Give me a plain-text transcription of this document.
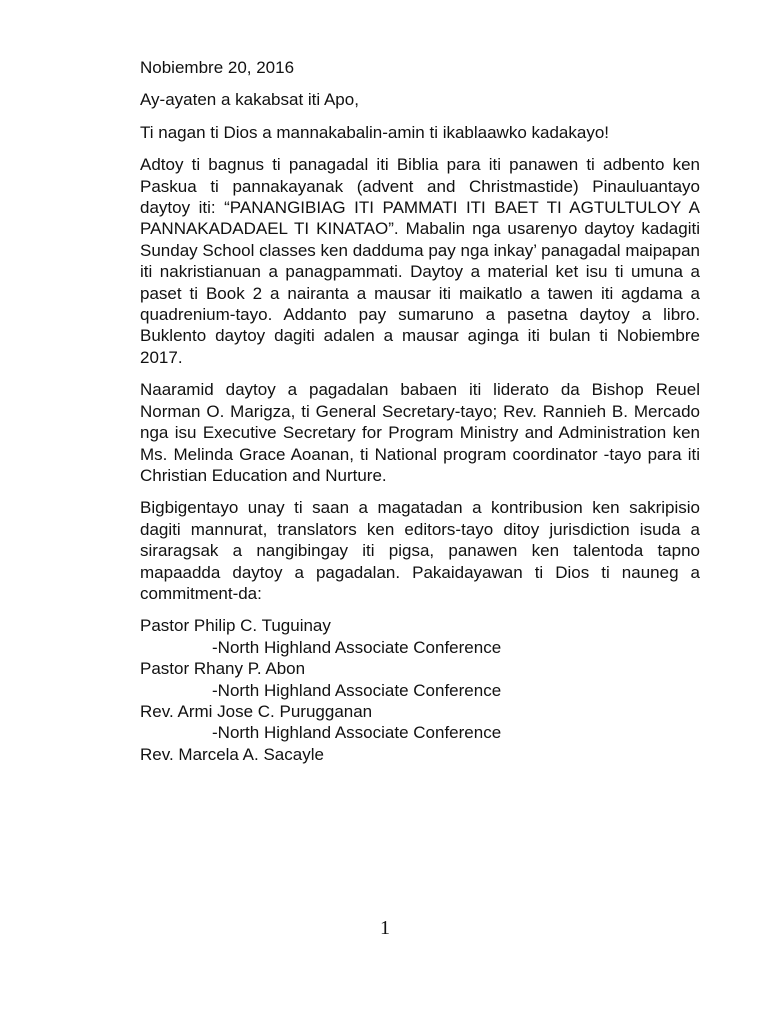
Nobiembre 20, 2016
Ay-ayaten a kakabsat iti Apo,

Ti nagan ti Dios a mannakabalin-amin ti ikablaawko kadakayo!

Adtoy ti bagnus ti panagadal iti Biblia para iti panawen ti adbento ken Paskua ti pannakayanak (advent and Christmastide) Pinauluantayo daytoy iti: “PANANGIBIAG ITI PAMMATI ITI BAET TI AGTULTULOY A PANNAKADADAEL TI KINATAO”. Mabalin nga usarenyo daytoy kadagiti Sunday School classes ken dadduma pay nga inkay’ panagadal maipapan iti nakristianuan a panagpammati. Daytoy a material ket isu ti umuna a paset ti Book 2 a nairanta a mausar iti maikatlo a tawen iti agdama a quadrenium-tayo. Addanto pay sumaruno a pasetna daytoy a libro. Buklento daytoy dagiti adalen a mausar aginga iti bulan ti Nobiembre 2017.

Naaramid daytoy a pagadalan babaen iti liderato da Bishop Reuel Norman O. Marigza, ti General Secretary-tayo; Rev. Rannieh B. Mercado nga isu Executive Secretary for Program Ministry and Administration ken Ms. Melinda Grace Aoanan, ti National program coordinator -tayo para iti Christian Education and Nurture.

Bigbigentayo unay ti saan a magatadan a kontribusion ken sakripisio dagiti mannurat, translators ken editors-tayo ditoy jurisdiction isuda a siraragsak a nangibingay iti pigsa, panawen ken talentoda tapno mapaadda daytoy a pagadalan. Pakaidayawan ti Dios ti nauneg a commitment-da:

Pastor Philip C. Tuguinay
-North Highland Associate Conference
Pastor Rhany P. Abon
-North Highland Associate Conference
Rev. Armi Jose C. Purugganan
-North Highland Associate Conference
Rev. Marcela A. Sacayle
1
